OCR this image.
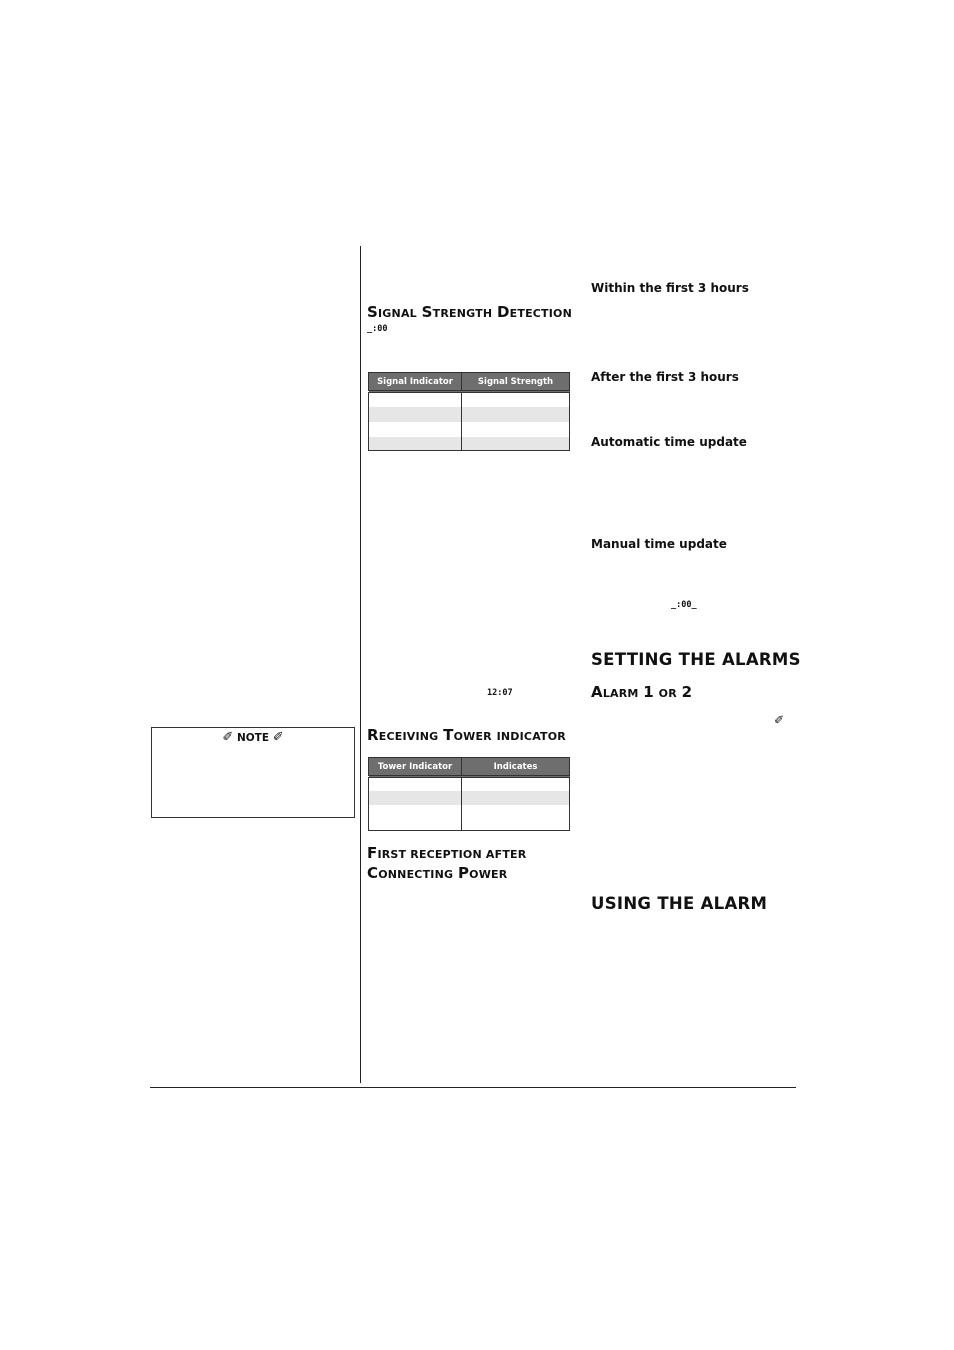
✐ NOTE ✐
SIGNAL STRENGTH DETECTION
_:00
Signal Indicator	Signal Strength

12:07
RECEIVING TOWER INDICATOR
Tower Indicator	Indicates

FIRST RECEPTION AFTER
CONNECTING POWER
Within the first 3 hours
After the first 3 hours
Automatic time update
Manual time update
_:00_
SETTING THE ALARMS
ALARM 1 OR 2
✐
USING THE ALARM
